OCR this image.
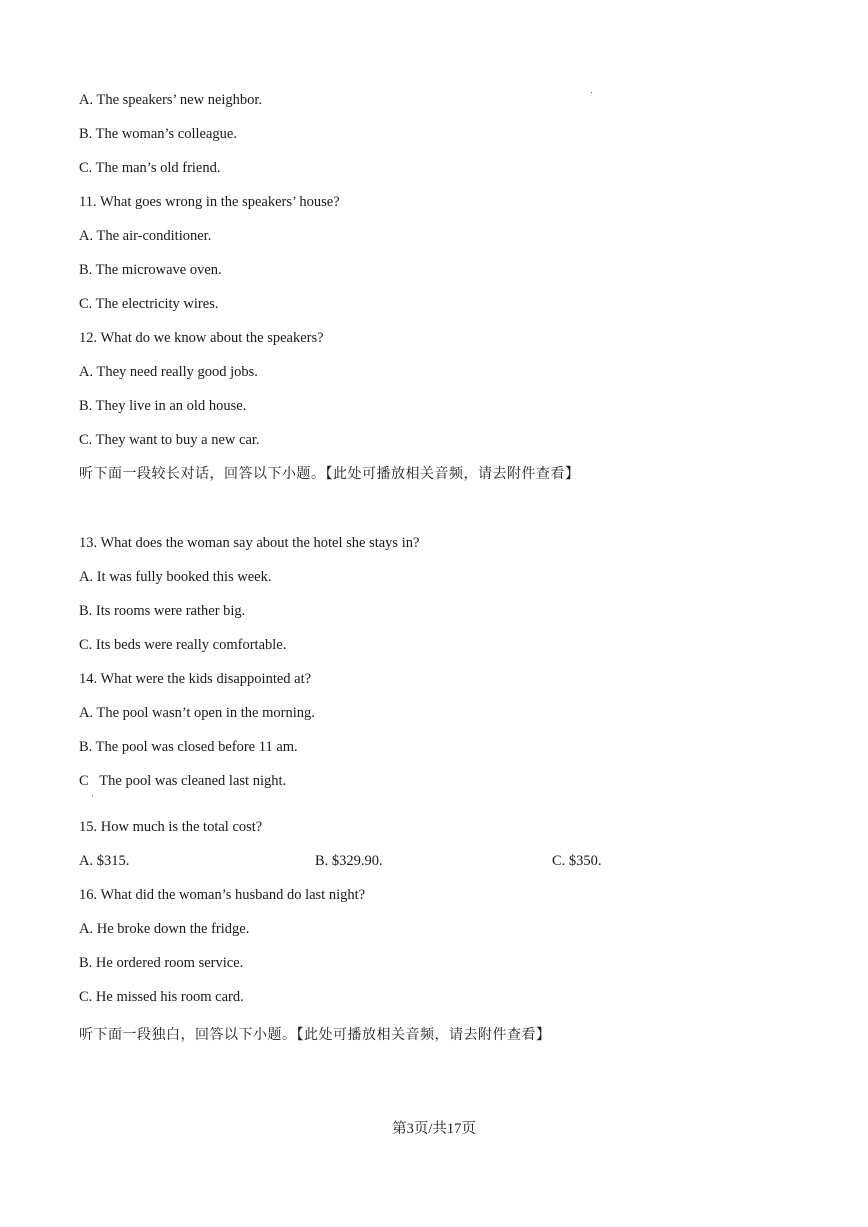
A. The speakers’ new neighbor.
B. The woman’s colleague.
C. The man’s old friend.
11. What goes wrong in the speakers’ house?
A. The air-conditioner.
B. The microwave oven.
C. The electricity wires.
12. What do we know about the speakers?
A. They need really good jobs.
B. They live in an old house.
C. They want to buy a new car.
听下面一段较长对话，回答以下小题。【此处可播放相关音频，请去附件查看】
13. What does the woman say about the hotel she stays in?
A. It was fully booked this week.
B. Its rooms were rather big.
C. Its beds were really comfortable.
14. What were the kids disappointed at?
A. The pool wasn’t open in the morning.
B. The pool was closed before 11 am.
C   The pool was cleaned last night.
15. How much is the total cost?
A. $315.	B. $329.90.	C. $350.
16. What did the woman’s husband do last night?
A. He broke down the fridge.
B. He ordered room service.
C. He missed his room card.
听下面一段独白，回答以下小题。【此处可播放相关音频，请去附件查看】
第3页/共17页
